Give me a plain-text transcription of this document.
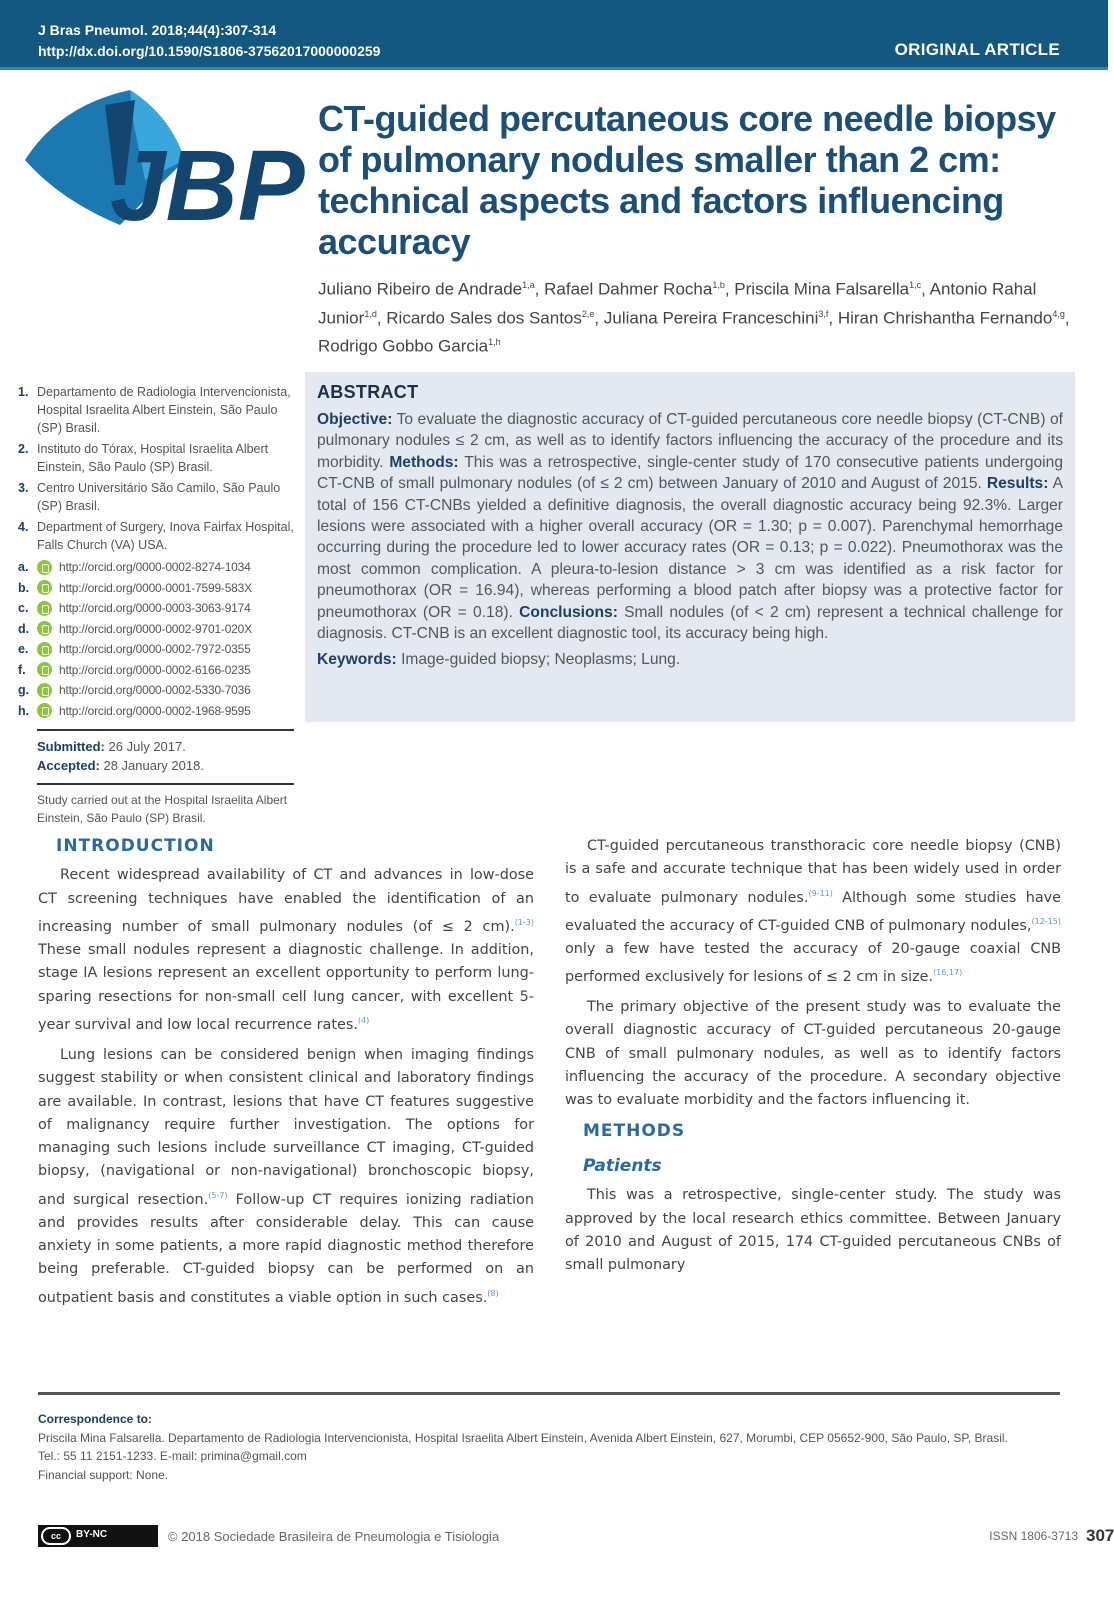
J Bras Pneumol. 2018;44(4):307-314
http://dx.doi.org/10.1590/S1806-37562017000000259	ORIGINAL ARTICLE
JBP
CT-guided percutaneous core needle biopsy of pulmonary nodules smaller than 2 cm: technical aspects and factors influencing accuracy
Juliano Ribeiro de Andrade$^{1,a}$, Rafael Dahmer Rocha$^{1,b}$, Priscila Mina Falsarella$^{1,c}$, Antonio Rahal Junior$^{1,d}$, Ricardo Sales dos Santos$^{2,e}$, Juliana Pereira Franceschini$^{3,f}$, Hiran Chrishantha Fernando$^{4,g}$, Rodrigo Gobbo Garcia$^{1,h}$
1. Departamento de Radiologia Intervencionista, Hospital Israelita Albert Einstein, São Paulo (SP) Brasil.
2. Instituto do Tórax, Hospital Israelita Albert Einstein, São Paulo (SP) Brasil.
3. Centro Universitário São Camilo, São Paulo (SP) Brasil.
4. Department of Surgery, Inova Fairfax Hospital, Falls Church (VA) USA.
a.	http://orcid.org/0000-0002-8274-1034
b.	http://orcid.org/0000-0001-7599-583X
c.	http://orcid.org/0000-0003-3063-9174
d.	http://orcid.org/0000-0002-9701-020X
e.	http://orcid.org/0000-0002-7972-0355
f.	http://orcid.org/0000-0002-6166-0235
g.	http://orcid.org/0000-0002-5330-7036
h.	http://orcid.org/0000-0002-1968-9595
Submitted: 26 July 2017.
Accepted: 28 January 2018.
Study carried out at the Hospital Israelita Albert Einstein, São Paulo (SP) Brasil.
ABSTRACT

Objective: To evaluate the diagnostic accuracy of CT-guided percutaneous core needle biopsy (CT-CNB) of pulmonary nodules ≤ 2 cm, as well as to identify factors influencing the accuracy of the procedure and its morbidity. Methods: This was a retrospective, single-center study of 170 consecutive patients undergoing CT-CNB of small pulmonary nodules (of ≤ 2 cm) between January of 2010 and August of 2015. Results: A total of 156 CT-CNBs yielded a definitive diagnosis, the overall diagnostic accuracy being 92.3%. Larger lesions were associated with a higher overall accuracy (OR = 1.30; p = 0.007). Parenchymal hemorrhage occurring during the procedure led to lower accuracy rates (OR = 0.13; p = 0.022). Pneumothorax was the most common complication. A pleura-to-lesion distance > 3 cm was identified as a risk factor for pneumothorax (OR = 16.94), whereas performing a blood patch after biopsy was a protective factor for pneumothorax (OR = 0.18). Conclusions: Small nodules (of < 2 cm) represent a technical challenge for diagnosis. CT-CNB is an excellent diagnostic tool, its accuracy being high.

Keywords: Image-guided biopsy; Neoplasms; Lung.

INTRODUCTION

Recent widespread availability of CT and advances in low-dose CT screening techniques have enabled the identification of an increasing number of small pulmonary nodules (of ≤ 2 cm).$^{(1-3)}$ These small nodules represent a diagnostic challenge. In addition, stage IA lesions represent an excellent opportunity to perform lung-sparing resections for non-small cell lung cancer, with excellent 5-year survival and low local recurrence rates.$^{(4)}$

Lung lesions can be considered benign when imaging findings suggest stability or when consistent clinical and laboratory findings are available. In contrast, lesions that have CT features suggestive of malignancy require further investigation. The options for managing such lesions include surveillance CT imaging, CT-guided biopsy, (navigational or non-navigational) bronchoscopic biopsy, and surgical resection.$^{(5-7)}$ Follow-up CT requires ionizing radiation and provides results after considerable delay. This can cause anxiety in some patients, a more rapid diagnostic method therefore being preferable. CT-guided biopsy can be performed on an outpatient basis and constitutes a viable option in such cases.$^{(8)}$

CT-guided percutaneous transthoracic core needle biopsy (CNB) is a safe and accurate technique that has been widely used in order to evaluate pulmonary nodules.$^{(9-11)}$ Although some studies have evaluated the accuracy of CT-guided CNB of pulmonary nodules,$^{(12-15)}$ only a few have tested the accuracy of 20-gauge coaxial CNB performed exclusively for lesions of ≤ 2 cm in size.$^{(16,17)}$

The primary objective of the present study was to evaluate the overall diagnostic accuracy of CT-guided percutaneous 20-gauge CNB of small pulmonary nodules, as well as to identify factors influencing the accuracy of the procedure. A secondary objective was to evaluate morbidity and the factors influencing it.

METHODS
Patients

This was a retrospective, single-center study. The study was approved by the local research ethics committee. Between January of 2010 and August of 2015, 174 CT-guided percutaneous CNBs of small pulmonary

Correspondence to:
Priscila Mina Falsarella. Departamento de Radiologia Intervencionista, Hospital Israelita Albert Einstein, Avenida Albert Einstein, 627, Morumbi, CEP 05652-900, São Paulo, SP, Brasil.
Tel.: 55 11 2151-1233. E-mail: primina@gmail.com
Financial support: None.
cc	BY-NC	© 2018 Sociedade Brasileira de Pneumologia e Tisiologia	ISSN 1806-3713 307
